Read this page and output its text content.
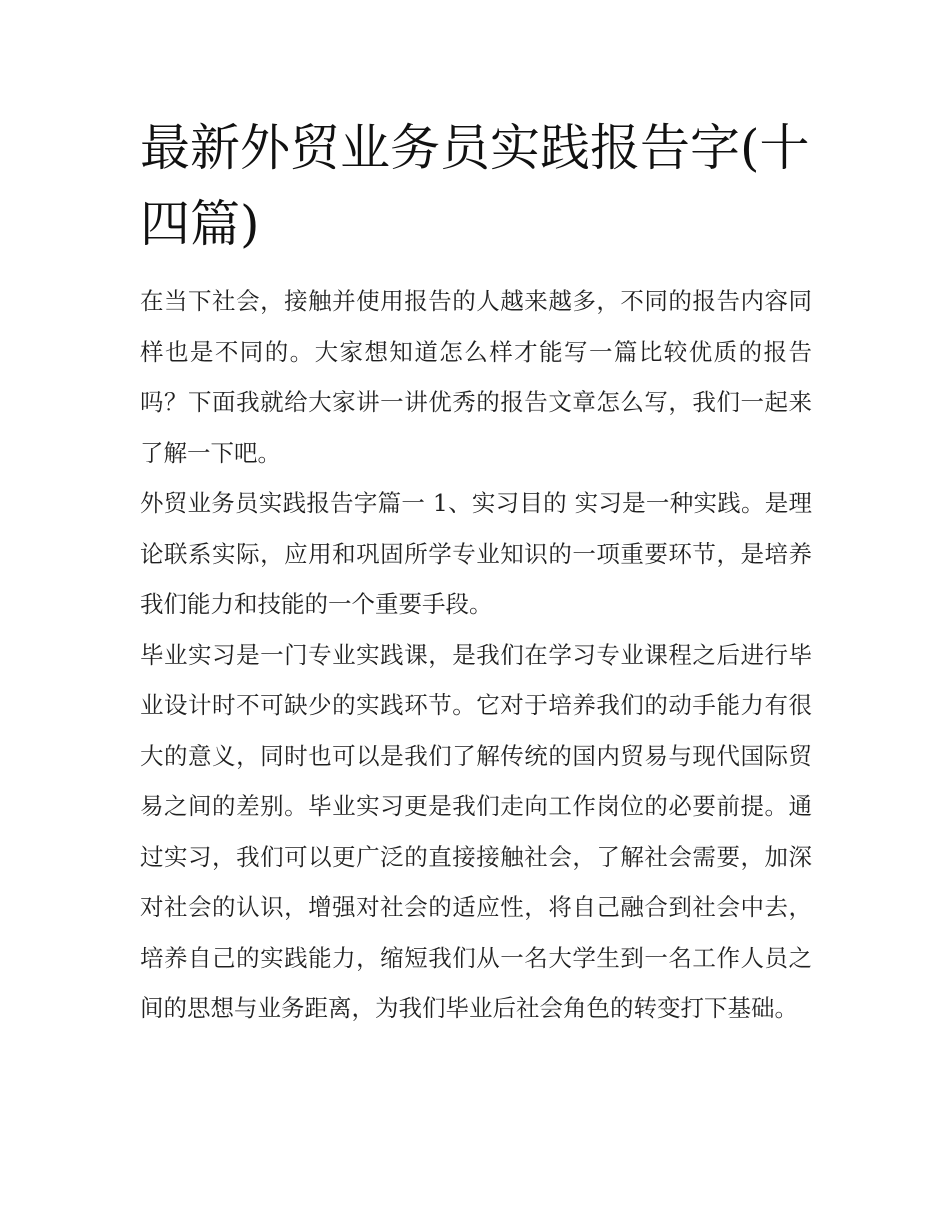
最新外贸业务员实践报告字(十四篇)

在当下社会，接触并使用报告的人越来越多，不同的报告内容同样也是不同的。大家想知道怎么样才能写一篇比较优质的报告吗？下面我就给大家讲一讲优秀的报告文章怎么写，我们一起来了解一下吧。

外贸业务员实践报告字篇一 1、实习目的 实习是一种实践。是理论联系实际，应用和巩固所学专业知识的一项重要环节，是培养我们能力和技能的一个重要手段。

毕业实习是一门专业实践课，是我们在学习专业课程之后进行毕业设计时不可缺少的实践环节。它对于培养我们的动手能力有很大的意义，同时也可以是我们了解传统的国内贸易与现代国际贸易之间的差别。毕业实习更是我们走向工作岗位的必要前提。通过实习，我们可以更广泛的直接接触社会，了解社会需要，加深对社会的认识，增强对社会的适应性，将自己融合到社会中去，培养自己的实践能力，缩短我们从一名大学生到一名工作人员之间的思想与业务距离，为我们毕业后社会角色的转变打下基础。
